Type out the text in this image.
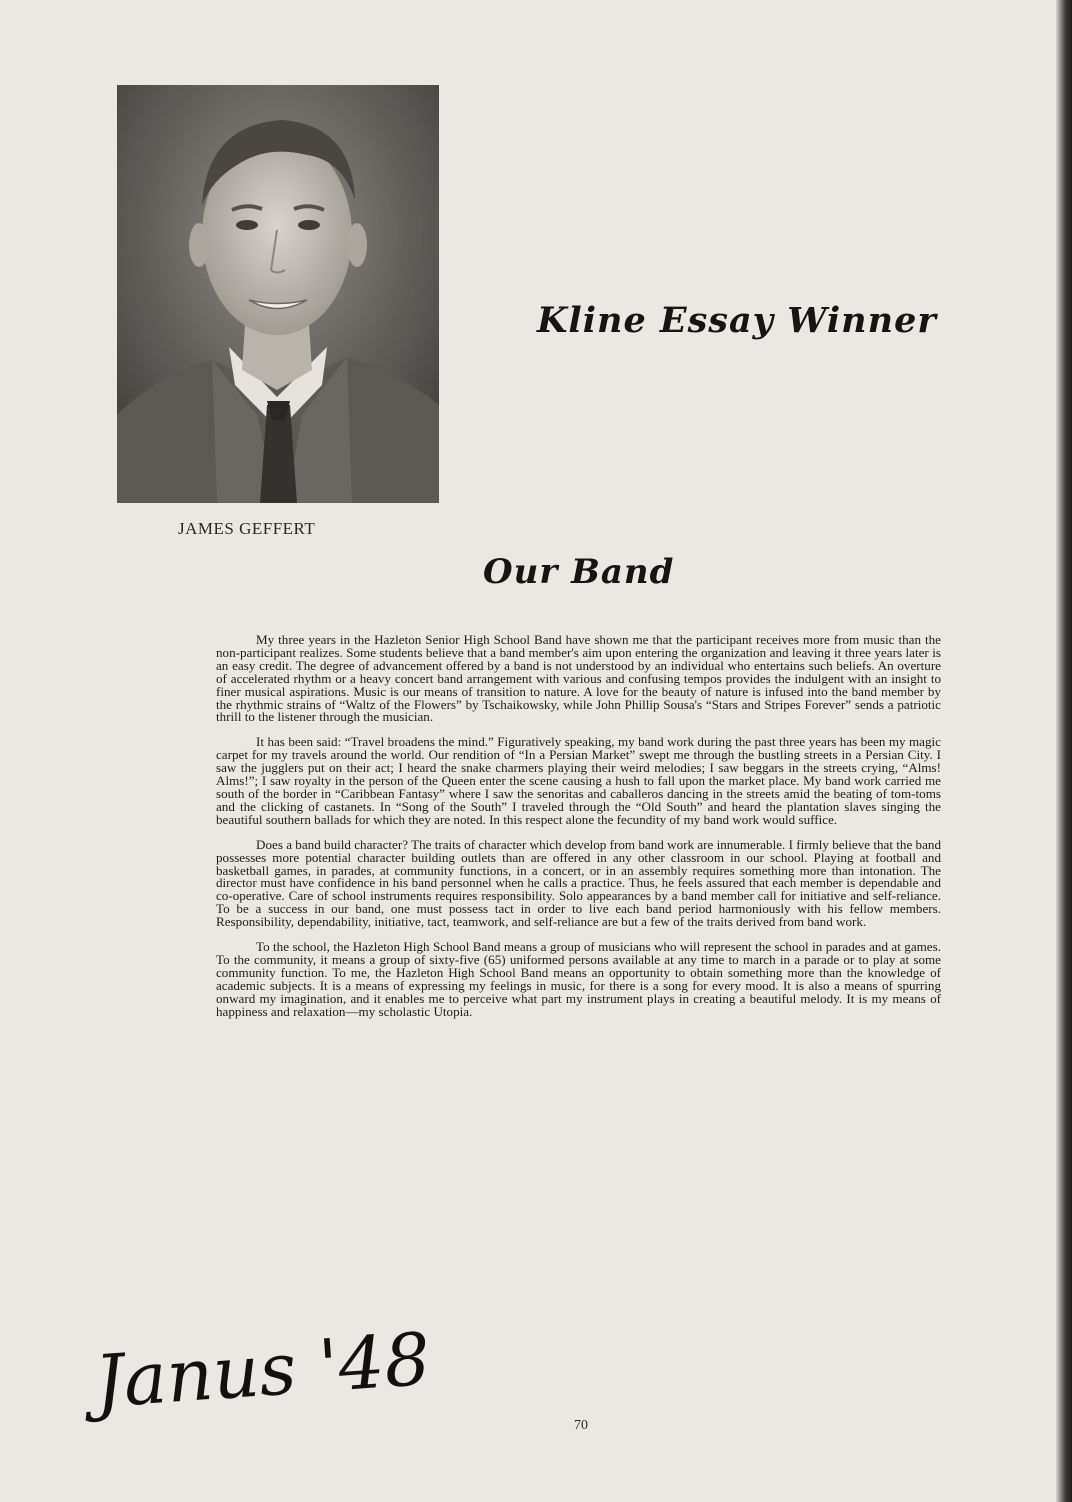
JAMES GEFFERT
Kline Essay Winner
Our Band

My three years in the Hazleton Senior High School Band have shown me that the participant receives more from music than the non-participant realizes. Some students believe that a band member's aim upon entering the organization and leaving it three years later is an easy credit. The degree of advancement offered by a band is not understood by an individual who entertains such beliefs. An overture of accelerated rhythm or a heavy concert band arrangement with various and confusing tempos provides the indulgent with an insight to finer musical aspirations. Music is our means of transition to nature. A love for the beauty of nature is infused into the band member by the rhythmic strains of “Waltz of the Flowers” by Tschaikowsky, while John Phillip Sousa's “Stars and Stripes Forever” sends a patriotic thrill to the listener through the musician.

It has been said: “Travel broadens the mind.” Figuratively speaking, my band work during the past three years has been my magic carpet for my travels around the world. Our rendition of “In a Persian Market” swept me through the bustling streets in a Persian City. I saw the jugglers put on their act; I heard the snake charmers playing their weird melodies; I saw beggars in the streets crying, “Alms! Alms!”; I saw royalty in the person of the Queen enter the scene causing a hush to fall upon the market place. My band work carried me south of the border in “Caribbean Fantasy” where I saw the senoritas and caballeros dancing in the streets amid the beating of tom-toms and the clicking of castanets. In “Song of the South” I traveled through the “Old South” and heard the plantation slaves singing the beautiful southern ballads for which they are noted. In this respect alone the fecundity of my band work would suffice.

Does a band build character? The traits of character which develop from band work are innumerable. I firmly believe that the band possesses more potential character building outlets than are offered in any other classroom in our school. Playing at football and basketball games, in parades, at community functions, in a concert, or in an assembly requires something more than intonation. The director must have confidence in his band personnel when he calls a practice. Thus, he feels assured that each member is dependable and co-operative. Care of school instruments requires responsibility. Solo appearances by a band member call for initiative and self-reliance. To be a success in our band, one must possess tact in order to live each band period harmoniously with his fellow members. Responsibility, dependability, initiative, tact, teamwork, and self-reliance are but a few of the traits derived from band work.

To the school, the Hazleton High School Band means a group of musicians who will represent the school in parades and at games. To the community, it means a group of sixty-five (65) uniformed persons available at any time to march in a parade or to play at some community function. To me, the Hazleton High School Band means an opportunity to obtain something more than the knowledge of academic subjects. It is a means of expressing my feelings in music, for there is a song for every mood. It is also a means of spurring onward my imagination, and it enables me to perceive what part my instrument plays in creating a beautiful melody. It is my means of happiness and relaxation—my scholastic Utopia.

Janus '48
70
